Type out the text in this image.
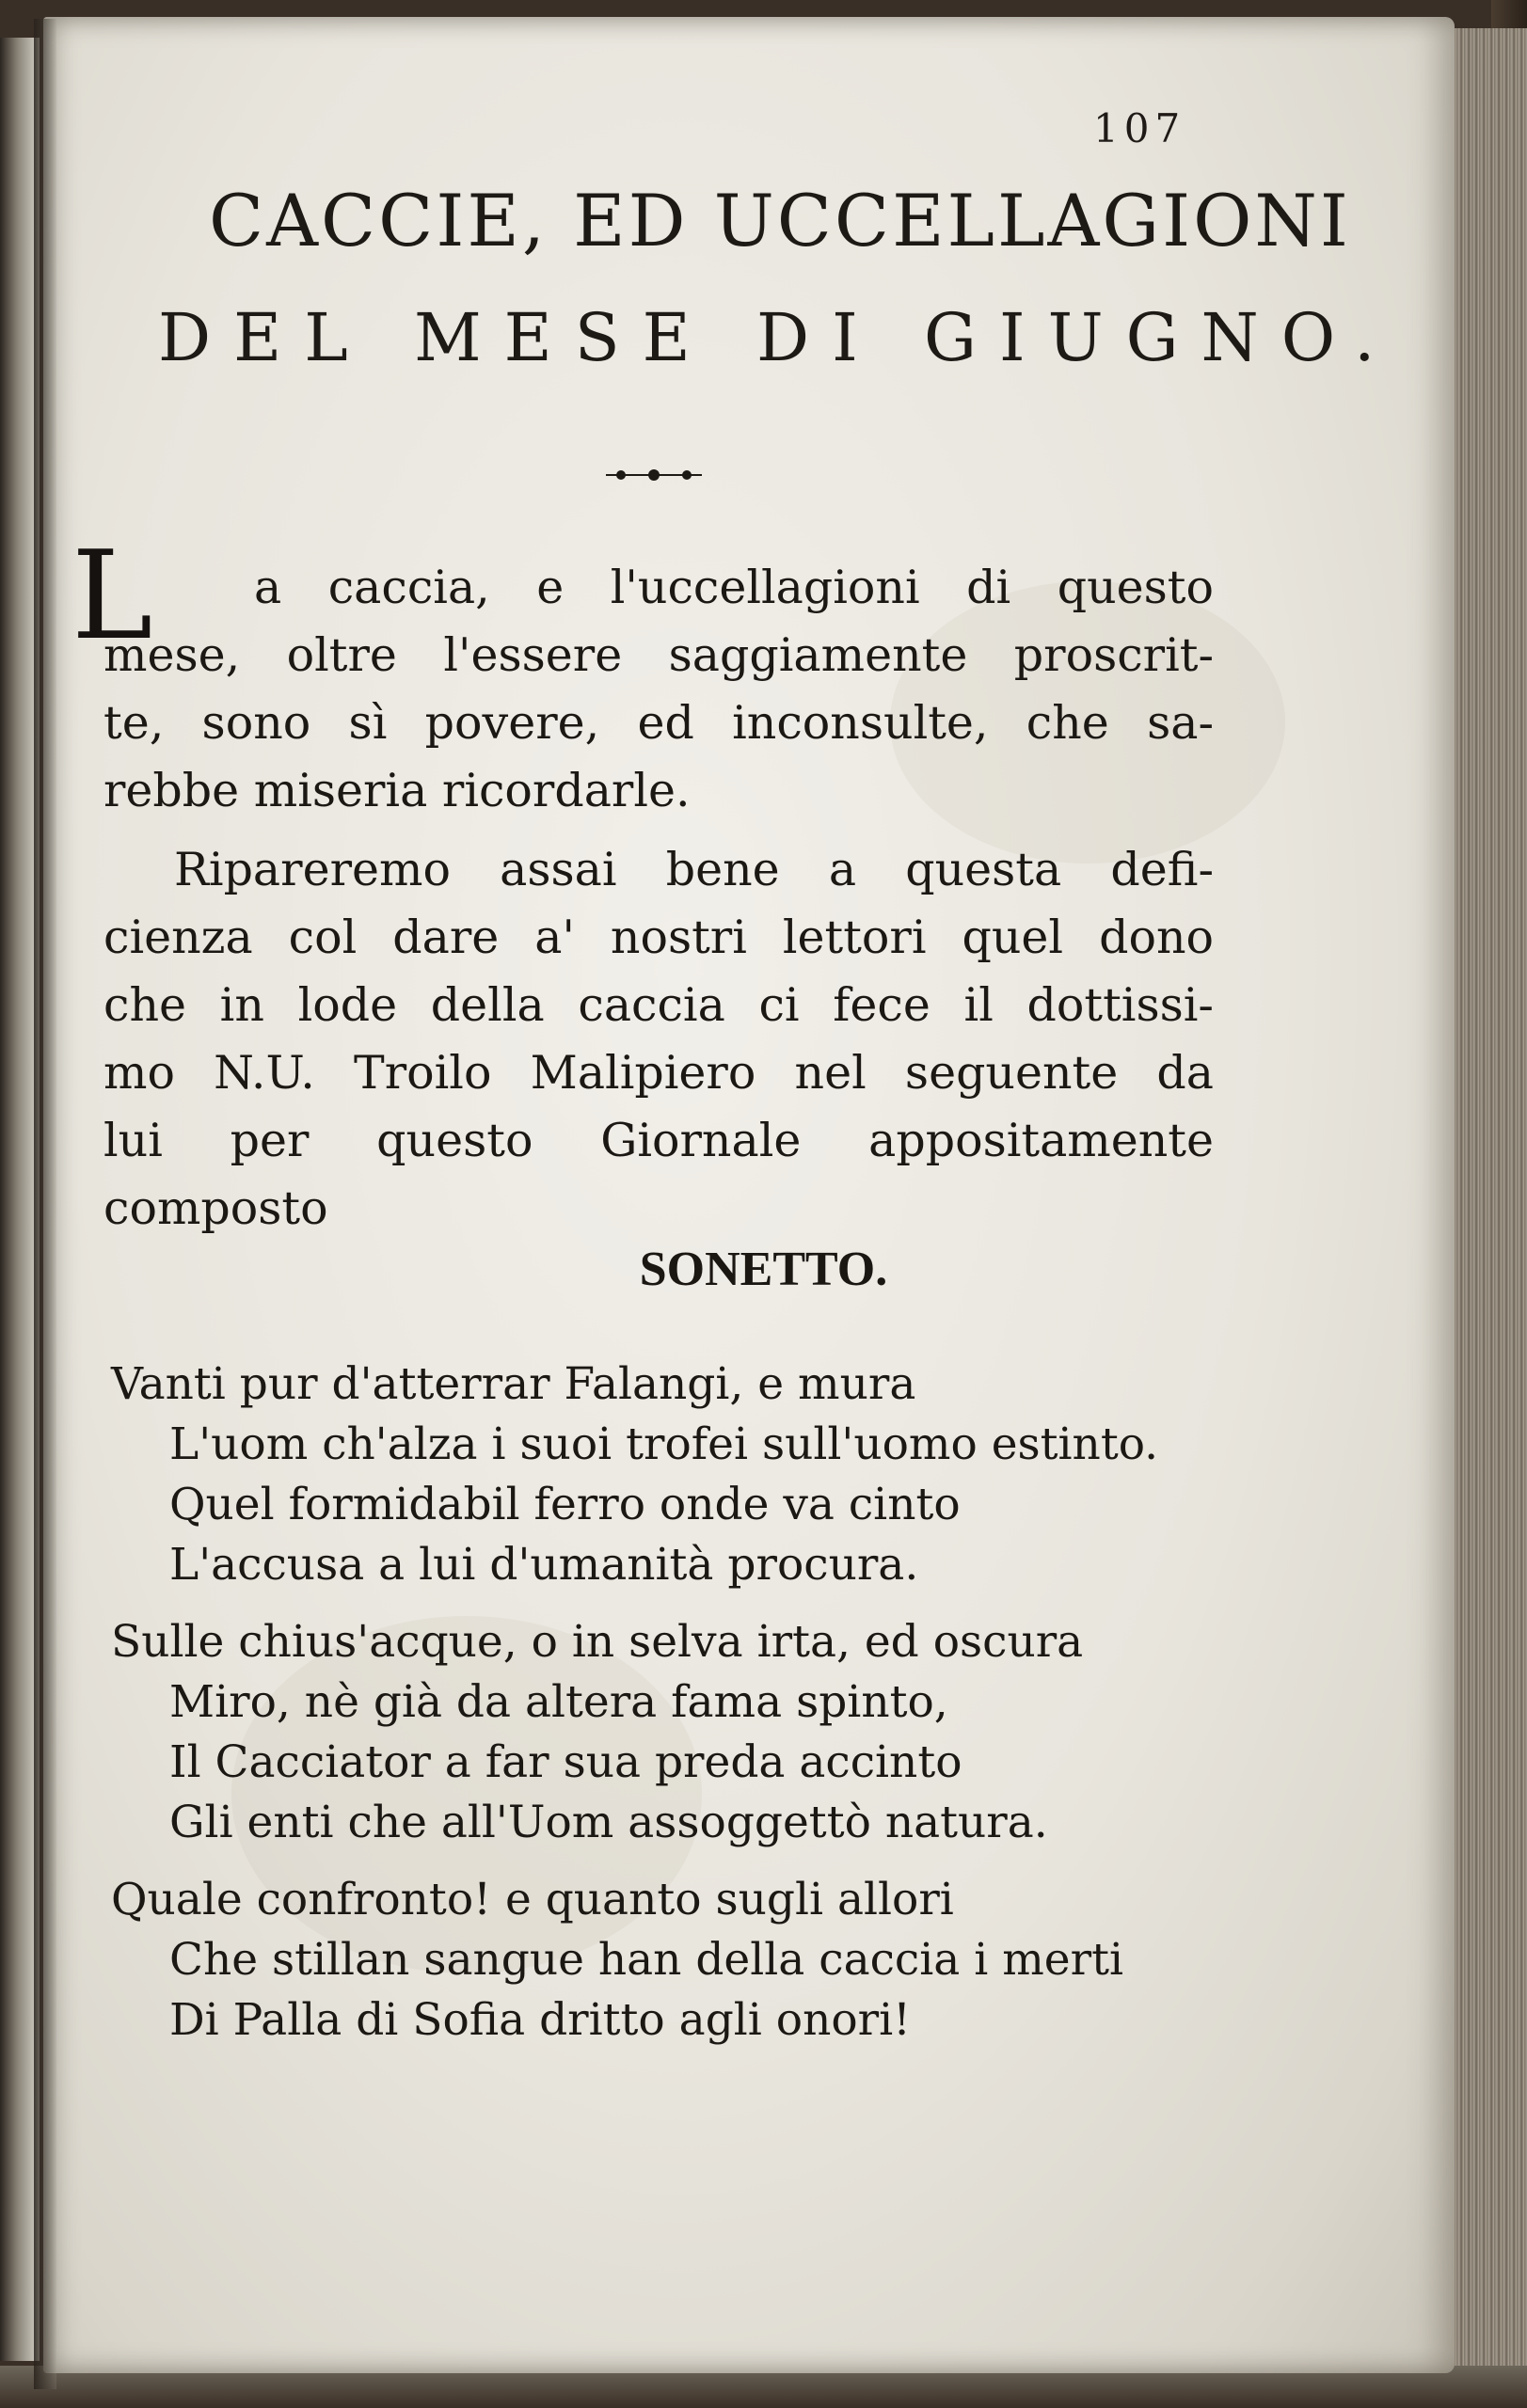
107
CACCIE, ED UCCELLAGIONI
DEL MESE DI GIUGNO.
L a caccia, e l'uccellagioni di questo
mese, oltre l'essere saggiamente proscrit-
te, sono sì povere, ed inconsulte, che sa-
rebbe miseria ricordarle.
Ripareremo assai bene a questa defi-
cienza col dare a' nostri lettori quel dono
che in lode della caccia ci fece il dottissi-
mo N.U. Troilo Malipiero nel seguente da
lui per questo Giornale appositamente
composto
SONETTO.
Vanti pur d'atterrar Falangi, e mura
L'uom ch'alza i suoi trofei sull'uomo estinto.
Quel formidabil ferro onde va cinto
L'accusa a lui d'umanità procura.
Sulle chius'acque, o in selva irta, ed oscura
Miro, nè già da altera fama spinto,
Il Cacciator a far sua preda accinto
Gli enti che all'Uom assoggettò natura.
Quale confronto! e quanto sugli allori
Che stillan sangue han della caccia i merti
Di Palla di Sofia dritto agli onori!
